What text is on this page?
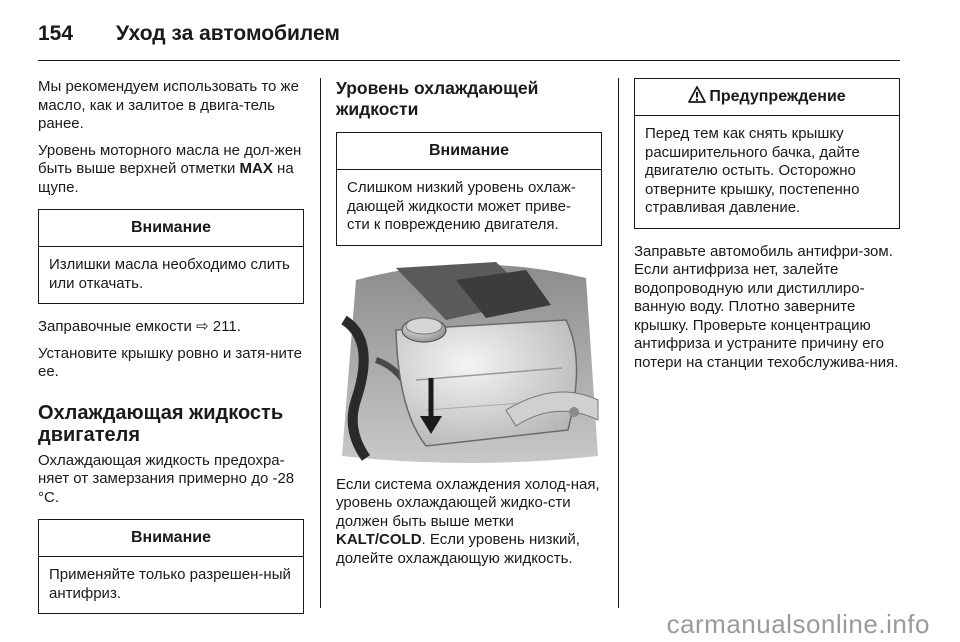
154 Уход за автомобилем

Мы рекомендуем использовать то же масло, как и залитое в двига-тель ранее.

Уровень моторного масла не дол-жен быть выше верхней отметки MAX на щупе.

Внимание
Излишки масла необходимо слить или откачать.

Заправочные емкости ⇨ 211.

Установите крышку ровно и затя-ните ее.

Охлаждающая жидкость двигателя

Охлаждающая жидкость предохра-няет от замерзания примерно до -28 °C.

Внимание
Применяйте только разрешен-ный антифриз.
Уровень охлаждающей жидкости
Внимание
Слишком низкий уровень охлаж-дающей жидкости может приве-сти к повреждению двигателя.

Если система охлаждения холод-ная, уровень охлаждающей жидко-сти должен быть выше метки KALT/COLD. Если уровень низкий, долейте охлаждающую жидкость.

Предупреждение
Перед тем как снять крышку расширительного бачка, дайте двигателю остыть. Осторожно отверните крышку, постепенно стравливая давление.

Заправьте автомобиль антифри-зом. Если антифриза нет, залейте водопроводную или дистиллиро-ванную воду. Плотно заверните крышку. Проверьте концентрацию антифриза и устраните причину его потери на станции техобслужива-ния.

carmanualsonline.info
